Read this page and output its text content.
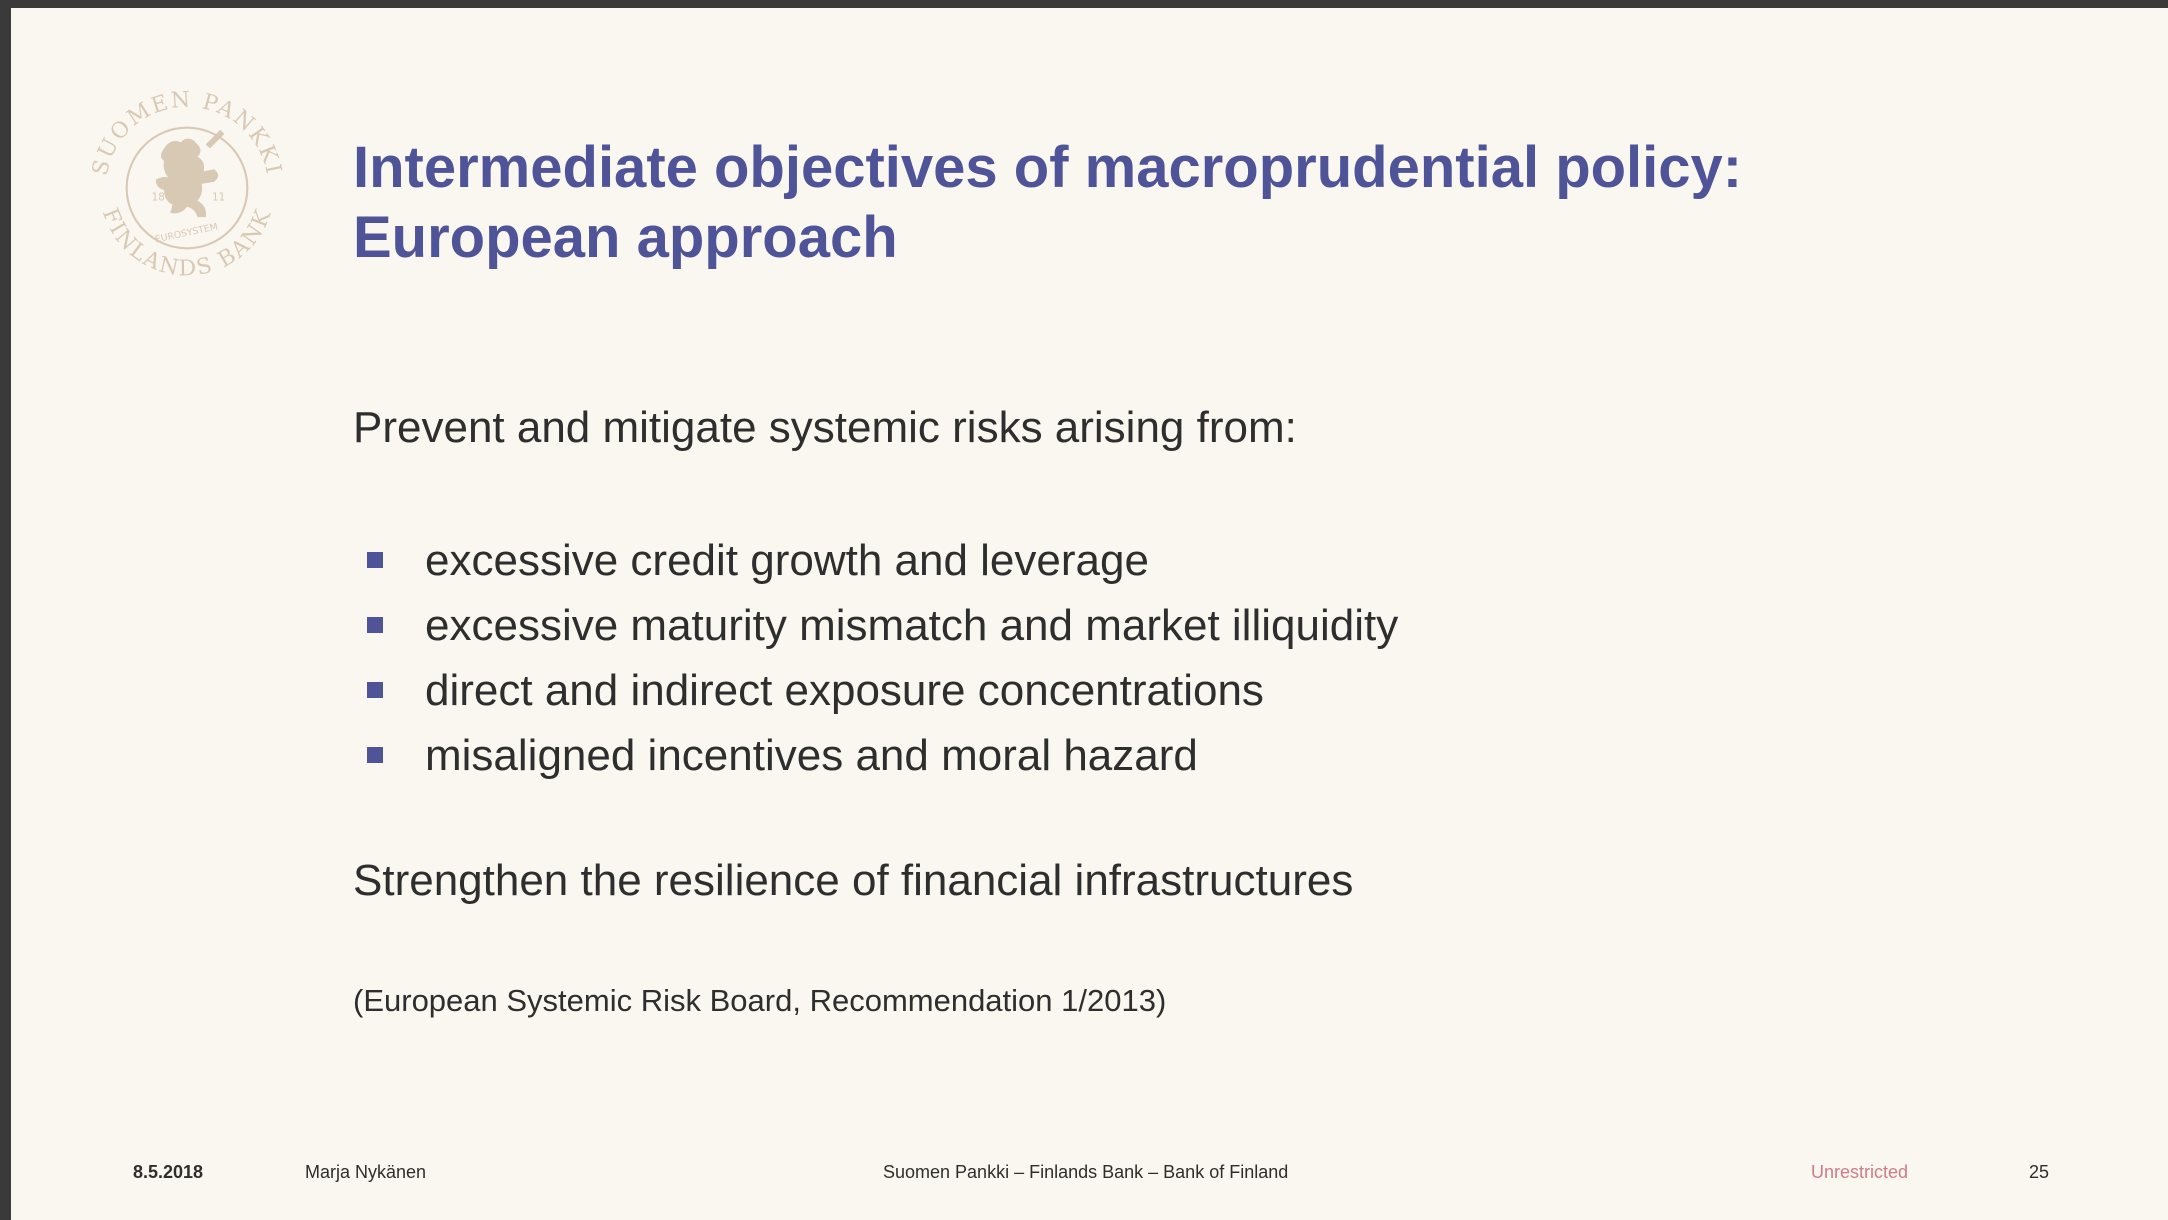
SUOMEN PANKKI
FINLANDS BANK
18	11
EUROSYSTEM
Intermediate objectives of macroprudential policy:
European approach
Prevent and mitigate systemic risks arising from:
excessive credit growth and leverage
excessive maturity mismatch and market illiquidity
direct and indirect exposure concentrations
misaligned incentives and moral hazard
Strengthen the resilience of financial infrastructures
(European Systemic Risk Board, Recommendation 1/2013)
8.5.2018	Marja Nykänen	Suomen Pankki – Finlands Bank – Bank of Finland	Unrestricted	25
